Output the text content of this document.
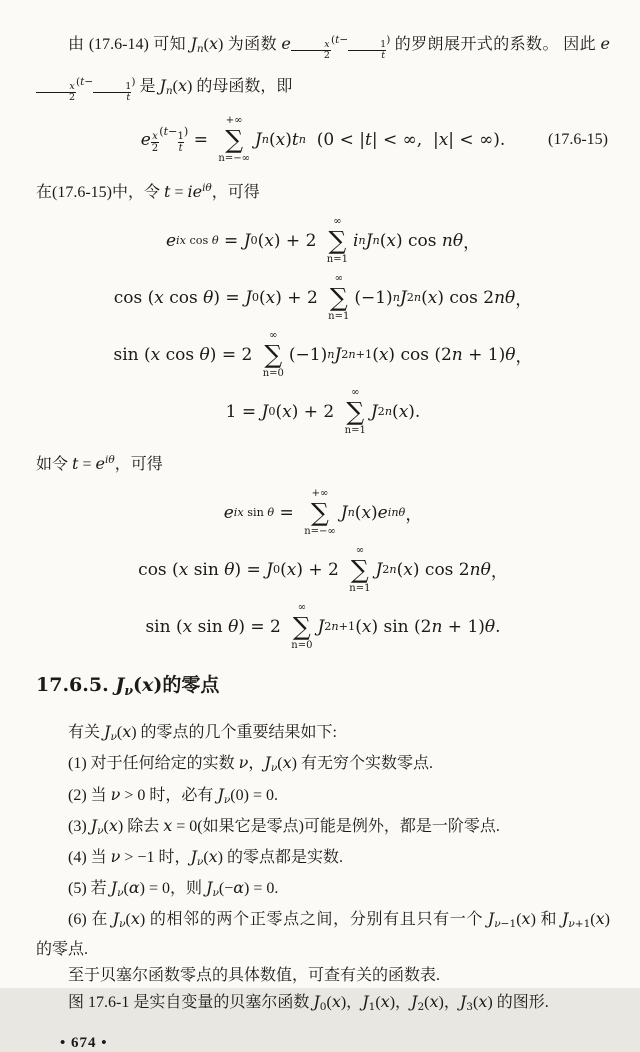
由 (17.6-14) 可知 Jn(x) 为函数 e $^{\frac{x}{2} (t- \frac{1}{t} )}$ 的罗朗展开式的系数。 因此 e
$^{\frac{x}{2} (t- \frac{1}{t} )}$ 是 Jn(x) 的母函数，即

e $\frac{x}{2} (t- \frac{1}{t}$ ) =
+∞
∑
n=−∞
J n ( x ) t n (0 < | t | < ∞,  | x | < ∞).	(17.6-15)

在(17.6-15)中，令 $t = ie^{i\theta}$，可得

e ix cos θ = J 0 ( x ) + 2
∞
∑
n=1
i n J n ( x ) cos nθ ，
cos ( x cos θ ) = J 0 ( x ) + 2
∞
∑
n=1
(−1) n J 2n ( x ) cos 2 nθ ，
sin ( x cos θ ) = 2
∞
∑
n=0
(−1) n J 2n+1 ( x ) cos (2 n + 1) θ ，
1 = J 0 ( x ) + 2
∞
∑
n=1
J 2n ( x ).

如令 $t = e^{i\theta}$，可得

e ix sin θ =
+∞
∑
n=−∞
J n ( x ) e inθ ，
cos ( x sin θ ) = J 0 ( x ) + 2
∞
∑
n=1
J 2n ( x ) cos 2 nθ ，
sin ( x sin θ ) = 2
∞
∑
n=0
J 2n+1 ( x ) sin (2 n + 1) θ .
17.6.5. Jν(x)的零点

有关 Jν(x) 的零点的几个重要结果如下:

(1) 对于任何给定的实数 ν，Jν(x) 有无穷个实数零点.

(2) 当 ν > 0 时，必有 Jν(0) = 0.

(3) Jν(x) 除去 x = 0(如果它是零点)可能是例外，都是一阶零点.

(4) 当 ν > −1 时，Jν(x) 的零点都是实数.

(5) 若 Jν(α) = 0，则 Jν(−α) = 0.

(6) 在 Jν(x) 的相邻的两个正零点之间，分别有且只有一个 Jν−1(x) 和 Jν+1(x) 的零点.

至于贝塞尔函数零点的具体数值，可查有关的函数表.

图 17.6-1 是实自变量的贝塞尔函数 J0(x)，J1(x)，J2(x)，J3(x) 的图形.

• 674 •
